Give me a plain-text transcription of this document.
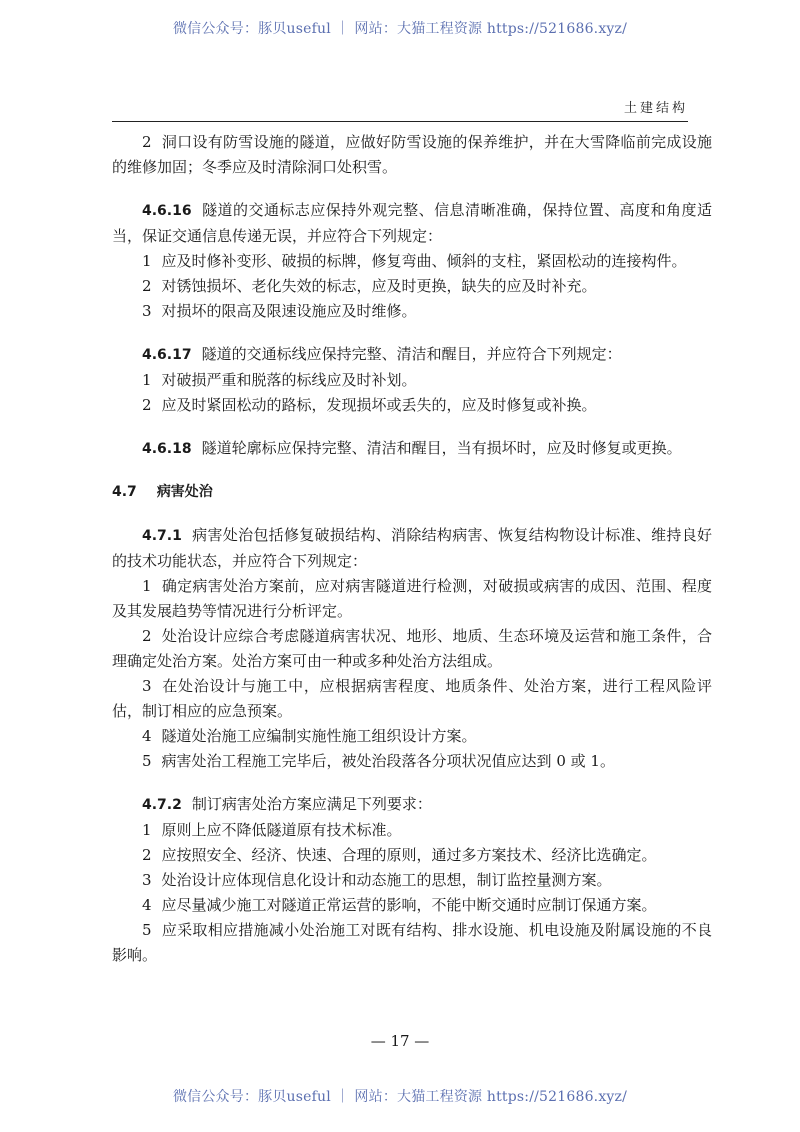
微信公众号：豚贝useful ｜ 网站：大猫工程资源 https://521686.xyz/
土建结构

2 洞口设有防雪设施的隧道，应做好防雪设施的保养维护，并在大雪降临前完成设施的维修加固；冬季应及时清除洞口处积雪。

4.6.16 隧道的交通标志应保持外观完整、信息清晰准确，保持位置、高度和角度适当，保证交通信息传递无误，并应符合下列规定：

1 应及时修补变形、破损的标牌，修复弯曲、倾斜的支柱，紧固松动的连接构件。

2 对锈蚀损坏、老化失效的标志，应及时更换，缺失的应及时补充。

3 对损坏的限高及限速设施应及时维修。

4.6.17 隧道的交通标线应保持完整、清洁和醒目，并应符合下列规定：

1 对破损严重和脱落的标线应及时补划。

2 应及时紧固松动的路标，发现损坏或丢失的，应及时修复或补换。

4.6.18 隧道轮廓标应保持完整、清洁和醒目，当有损坏时，应及时修复或更换。

4.7 病害处治

4.7.1 病害处治包括修复破损结构、消除结构病害、恢复结构物设计标准、维持良好的技术功能状态，并应符合下列规定：

1 确定病害处治方案前，应对病害隧道进行检测，对破损或病害的成因、范围、程度及其发展趋势等情况进行分析评定。

2 处治设计应综合考虑隧道病害状况、地形、地质、生态环境及运营和施工条件，合理确定处治方案。处治方案可由一种或多种处治方法组成。

3 在处治设计与施工中，应根据病害程度、地质条件、处治方案，进行工程风险评估，制订相应的应急预案。

4 隧道处治施工应编制实施性施工组织设计方案。

5 病害处治工程施工完毕后，被处治段落各分项状况值应达到 0 或 1。

4.7.2 制订病害处治方案应满足下列要求：

1 原则上应不降低隧道原有技术标准。

2 应按照安全、经济、快速、合理的原则，通过多方案技术、经济比选确定。

3 处治设计应体现信息化设计和动态施工的思想，制订监控量测方案。

4 应尽量减少施工对隧道正常运营的影响，不能中断交通时应制订保通方案。

5 应采取相应措施减小处治施工对既有结构、排水设施、机电设施及附属设施的不良影响。

— 17 —
微信公众号：豚贝useful ｜ 网站：大猫工程资源 https://521686.xyz/
